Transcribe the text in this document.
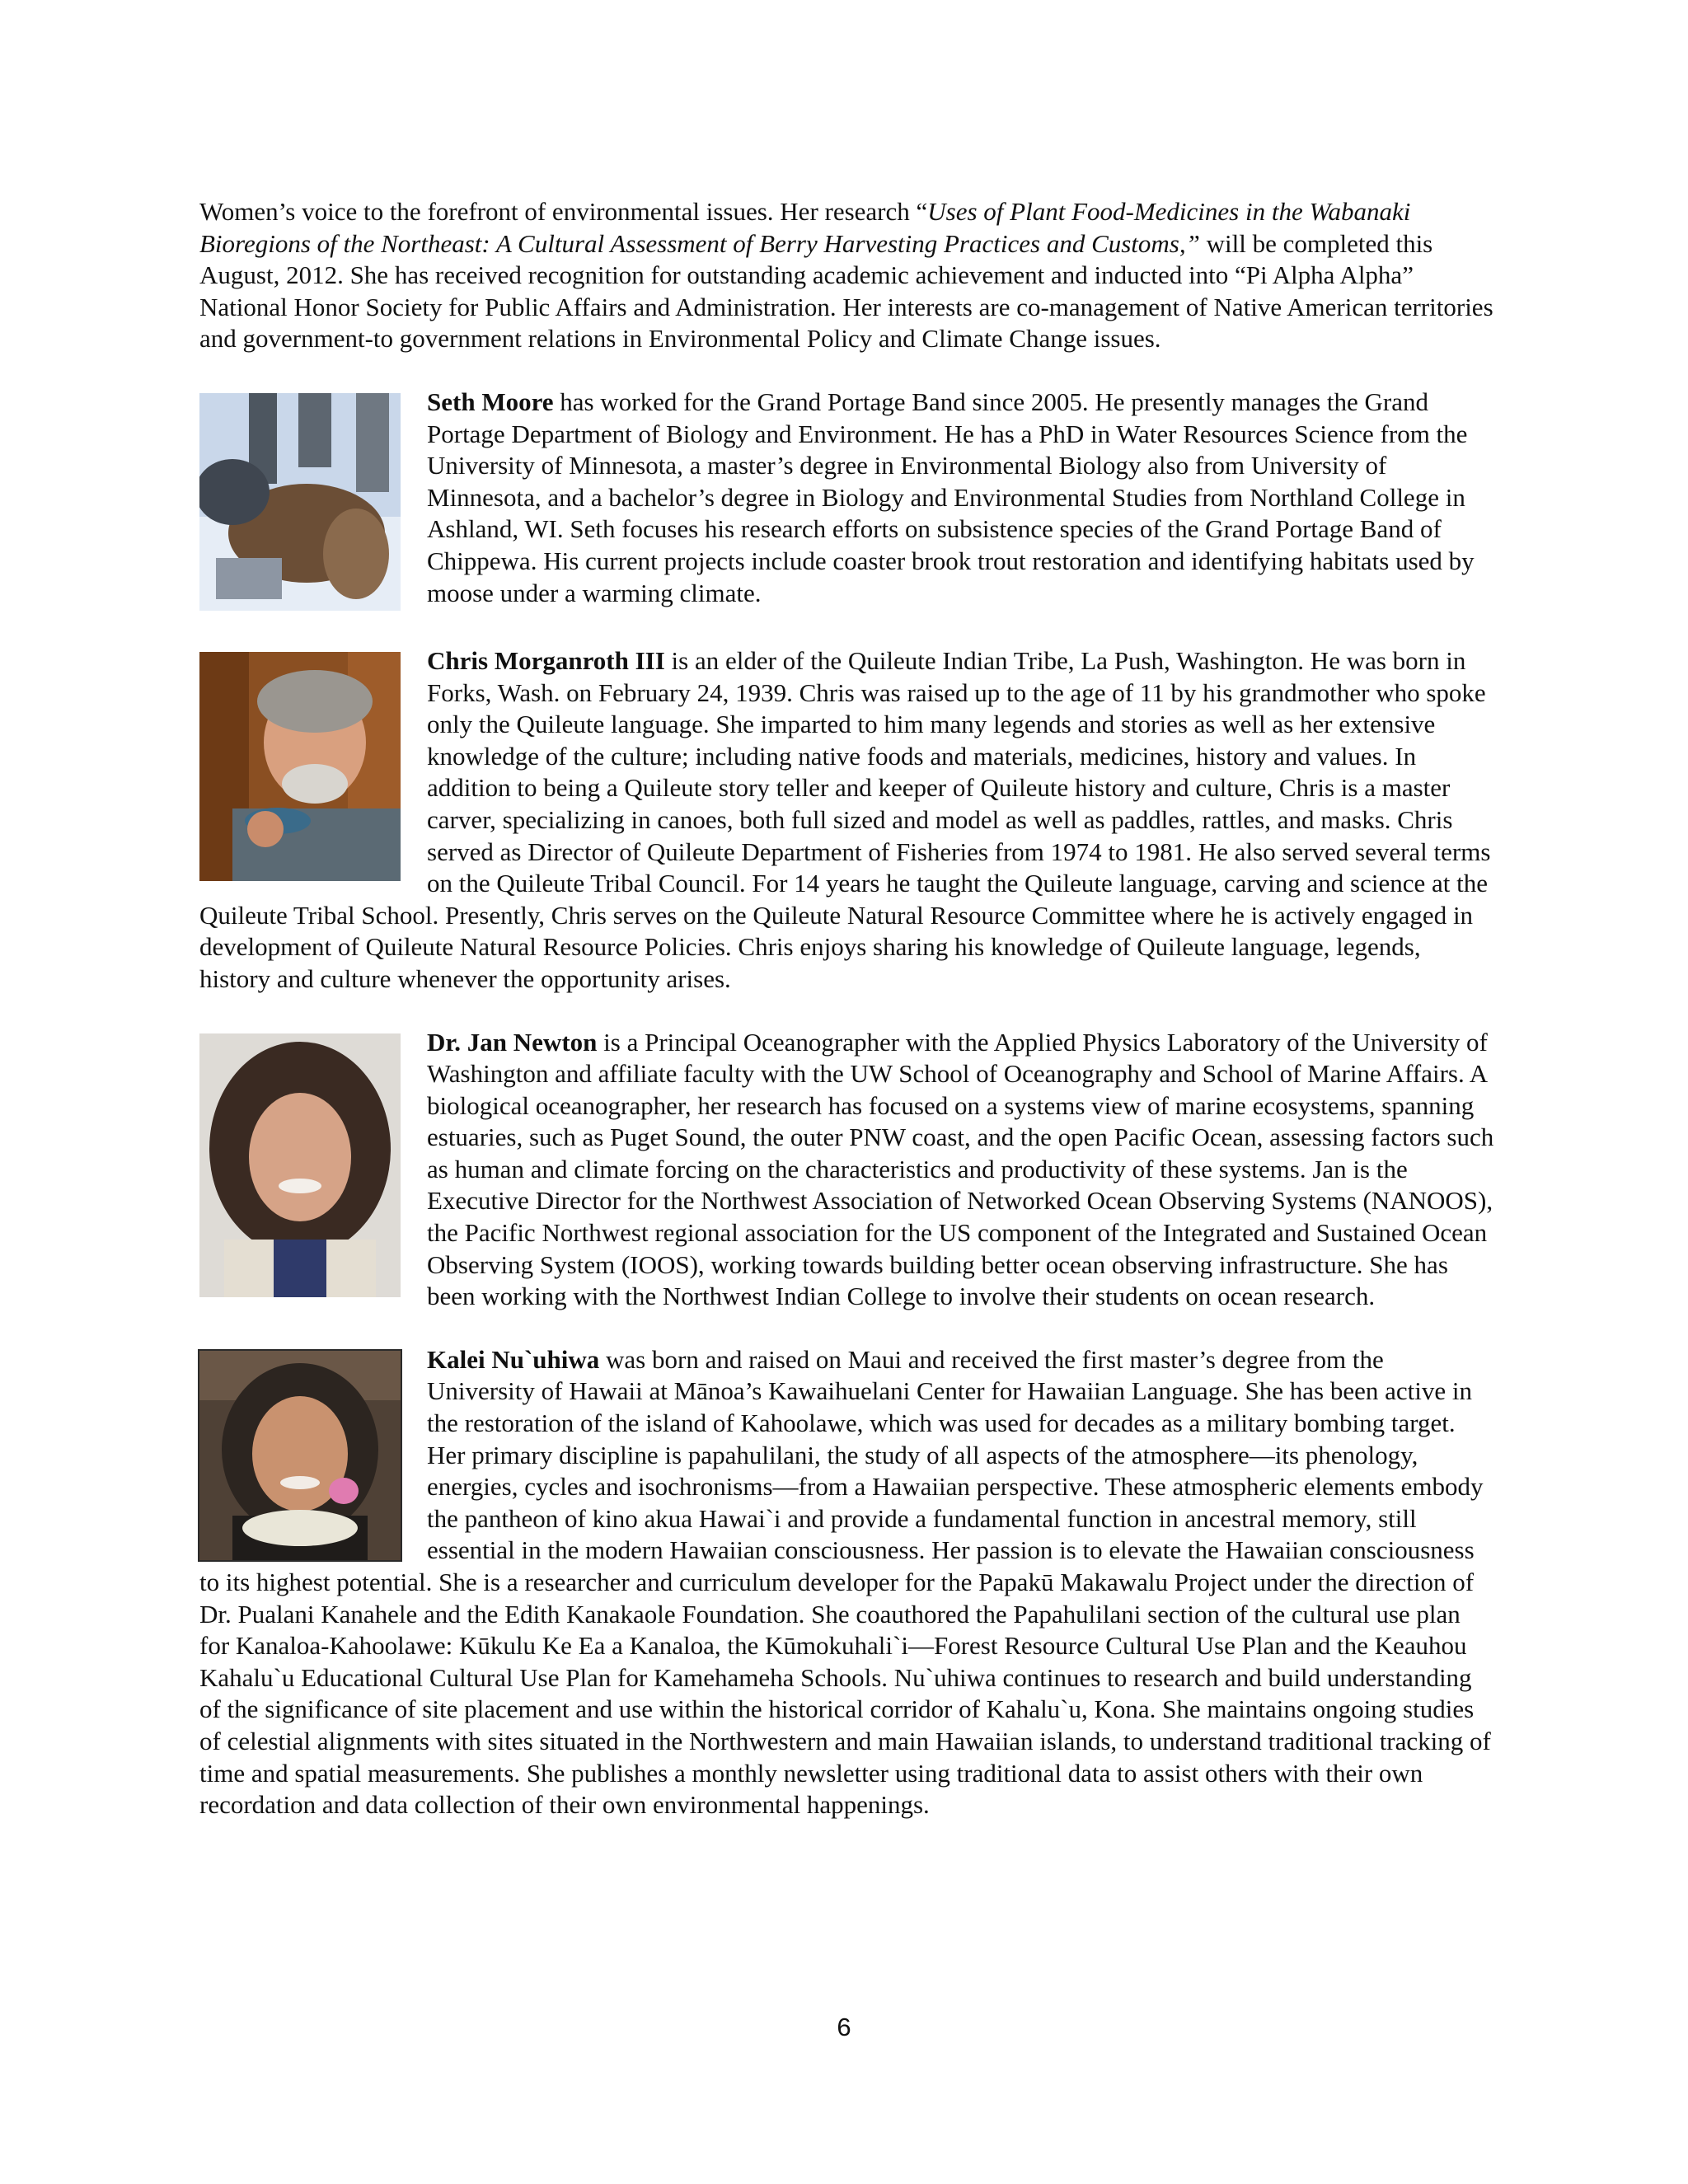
Women’s voice to the forefront of environmental issues. Her research “Uses of Plant Food-Medicines in the Wabanaki Bioregions of the Northeast: A Cultural Assessment of Berry Harvesting Practices and Customs,” will be completed this August, 2012. She has received recognition for outstanding academic achievement and inducted into “Pi Alpha Alpha” National Honor Society for Public Affairs and Administration. Her interests are co-management of Native American territories and government-to government relations in Environmental Policy and Climate Change issues.

Seth Moore has worked for the Grand Portage Band since 2005. He presently manages the Grand Portage Department of Biology and Environment. He has a PhD in Water Resources Science from the University of Minnesota, a master’s degree in Environmental Biology also from University of Minnesota, and a bachelor’s degree in Biology and Environmental Studies from Northland College in Ashland, WI. Seth focuses his research efforts on subsistence species of the Grand Portage Band of Chippewa. His current projects include coaster brook trout restoration and identifying habitats used by moose under a warming climate.

Chris Morganroth III is an elder of the Quileute Indian Tribe, La Push, Washington. He was born in Forks, Wash. on February 24, 1939. Chris was raised up to the age of 11 by his grandmother who spoke only the Quileute language. She imparted to him many legends and stories as well as her extensive knowledge of the culture; including native foods and materials, medicines, history and values. In addition to being a Quileute story teller and keeper of Quileute history and culture, Chris is a master carver, specializing in canoes, both full sized and model as well as paddles, rattles, and masks. Chris served as Director of Quileute Department of Fisheries from 1974 to 1981. He also served several terms on the Quileute Tribal Council. For 14 years he taught the Quileute language, carving and science at the Quileute Tribal School. Presently, Chris serves on the Quileute Natural Resource Committee where he is actively engaged in development of Quileute Natural Resource Policies. Chris enjoys sharing his knowledge of Quileute language, legends, history and culture whenever the opportunity arises.

Dr. Jan Newton is a Principal Oceanographer with the Applied Physics Laboratory of the University of Washington and affiliate faculty with the UW School of Oceanography and School of Marine Affairs. A biological oceanographer, her research has focused on a systems view of marine ecosystems, spanning estuaries, such as Puget Sound, the outer PNW coast, and the open Pacific Ocean, assessing factors such as human and climate forcing on the characteristics and productivity of these systems. Jan is the Executive Director for the Northwest Association of Networked Ocean Observing Systems (NANOOS), the Pacific Northwest regional association for the US component of the Integrated and Sustained Ocean Observing System (IOOS), working towards building better ocean observing infrastructure. She has been working with the Northwest Indian College to involve their students on ocean research.

Kalei Nu`uhiwa was born and raised on Maui and received the first master’s degree from the University of Hawaii at Mānoa’s Kawaihuelani Center for Hawaiian Language. She has been active in the restoration of the island of Kahoolawe, which was used for decades as a military bombing target. Her primary discipline is papahulilani, the study of all aspects of the atmosphere—its phenology, energies, cycles and isochronisms—from a Hawaiian perspective. These atmospheric elements embody the pantheon of kino akua Hawai`i and provide a fundamental function in ancestral memory, still essential in the modern Hawaiian consciousness. Her passion is to elevate the Hawaiian consciousness to its highest potential. She is a researcher and curriculum developer for the Papakū Makawalu Project under the direction of Dr. Pualani Kanahele and the Edith Kanakaole Foundation. She coauthored the Papahulilani section of the cultural use plan for Kanaloa-Kahoolawe: Kūkulu Ke Ea a Kanaloa, the Kūmokuhali`i—Forest Resource Cultural Use Plan and the Keauhou Kahalu`u Educational Cultural Use Plan for Kamehameha Schools. Nu`uhiwa continues to research and build understanding of the significance of site placement and use within the historical corridor of Kahalu`u, Kona. She maintains ongoing studies of celestial alignments with sites situated in the Northwestern and main Hawaiian islands, to understand traditional tracking of time and spatial measurements. She publishes a monthly newsletter using traditional data to assist others with their own recordation and data collection of their own environmental happenings.

6
